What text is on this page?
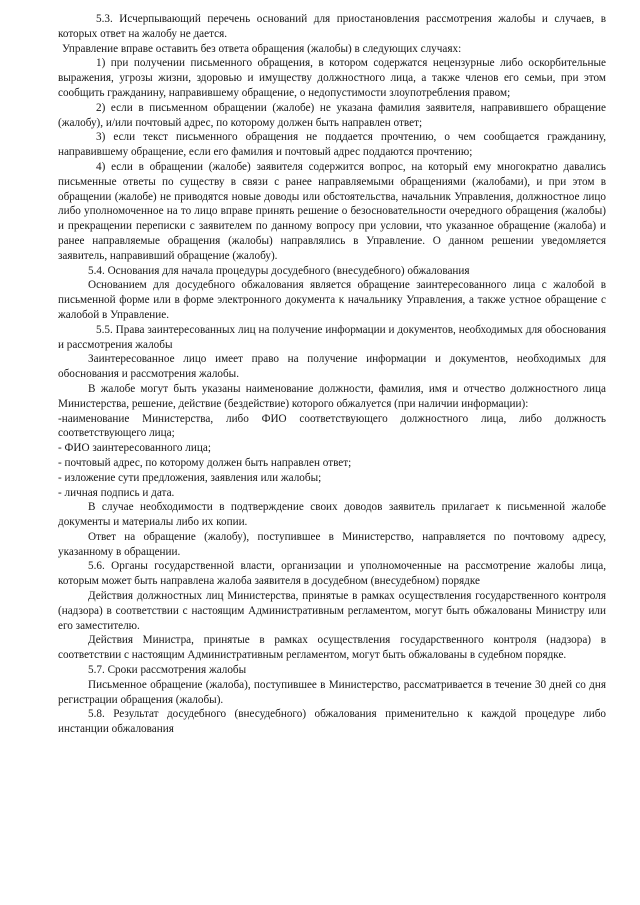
5.3. Исчерпывающий перечень оснований для приостановления рассмотрения жалобы и случаев, в которых ответ на жалобу не дается.

Управление вправе оставить без ответа обращения (жалобы) в следующих случаях:

1) при получении письменного обращения, в котором содержатся нецензурные либо оскорбительные выражения, угрозы жизни, здоровью и имуществу должностного лица, а также членов его семьи, при этом сообщить гражданину, направившему обращение, о недопустимости злоупотребления правом;

2) если в письменном обращении (жалобе) не указана фамилия заявителя, направившего обращение (жалобу), и/или почтовый адрес, по которому должен быть направлен ответ;

3) если текст письменного обращения не поддается прочтению, о чем сообщается гражданину, направившему обращение, если его фамилия и почтовый адрес поддаются прочтению;

4) если в обращении (жалобе) заявителя содержится вопрос, на который ему многократно давались письменные ответы по существу в связи с ранее направляемыми обращениями (жалобами), и при этом в обращении (жалобе) не приводятся новые доводы или обстоятельства, начальник Управления, должностное лицо либо уполномоченное на то лицо вправе принять решение о безосновательности очередного обращения (жалобы) и прекращении переписки с заявителем по данному вопросу при условии, что указанное обращение (жалоба) и ранее направляемые обращения (жалобы) направлялись в Управление. О данном решении уведомляется заявитель, направивший обращение (жалобу).

5.4. Основания для начала процедуры досудебного (внесудебного) обжалования

Основанием для досудебного обжалования является обращение заинтересованного лица с жалобой в письменной форме или в форме электронного документа к начальнику Управления, а также устное обращение с жалобой в Управление.

5.5. Права заинтересованных лиц на получение информации и документов, необходимых для обоснования и рассмотрения жалобы

Заинтересованное лицо имеет право на получение информации и документов, необходимых для обоснования и рассмотрения жалобы.

В жалобе могут быть указаны наименование должности, фамилия, имя и отчество должностного лица Министерства, решение, действие (бездействие) которого обжалуется (при наличии информации):

-наименование Министерства, либо ФИО соответствующего должностного лица, либо должность соответствующего лица;

- ФИО заинтересованного лица;

- почтовый адрес, по которому должен быть направлен ответ;

- изложение сути предложения, заявления или жалобы;

- личная подпись и дата.

В случае необходимости в подтверждение своих доводов заявитель прилагает к письменной жалобе документы и материалы либо их копии.

Ответ на обращение (жалобу), поступившее в Министерство, направляется по почтовому адресу, указанному в обращении.

5.6. Органы государственной власти, организации и уполномоченные на рассмотрение жалобы лица, которым может быть направлена жалоба заявителя в досудебном (внесудебном) порядке

Действия должностных лиц Министерства, принятые в рамках осуществления государственного контроля (надзора) в соответствии с настоящим Административным регламентом, могут быть обжалованы Министру или его заместителю.

Действия Министра, принятые в рамках осуществления государственного контроля (надзора) в соответствии с настоящим Административным регламентом, могут быть обжалованы в судебном порядке.

5.7. Сроки рассмотрения жалобы

Письменное обращение (жалоба), поступившее в Министерство, рассматривается в течение 30 дней со дня регистрации обращения (жалобы).

5.8. Результат досудебного (внесудебного) обжалования применительно к каждой процедуре либо инстанции обжалования
